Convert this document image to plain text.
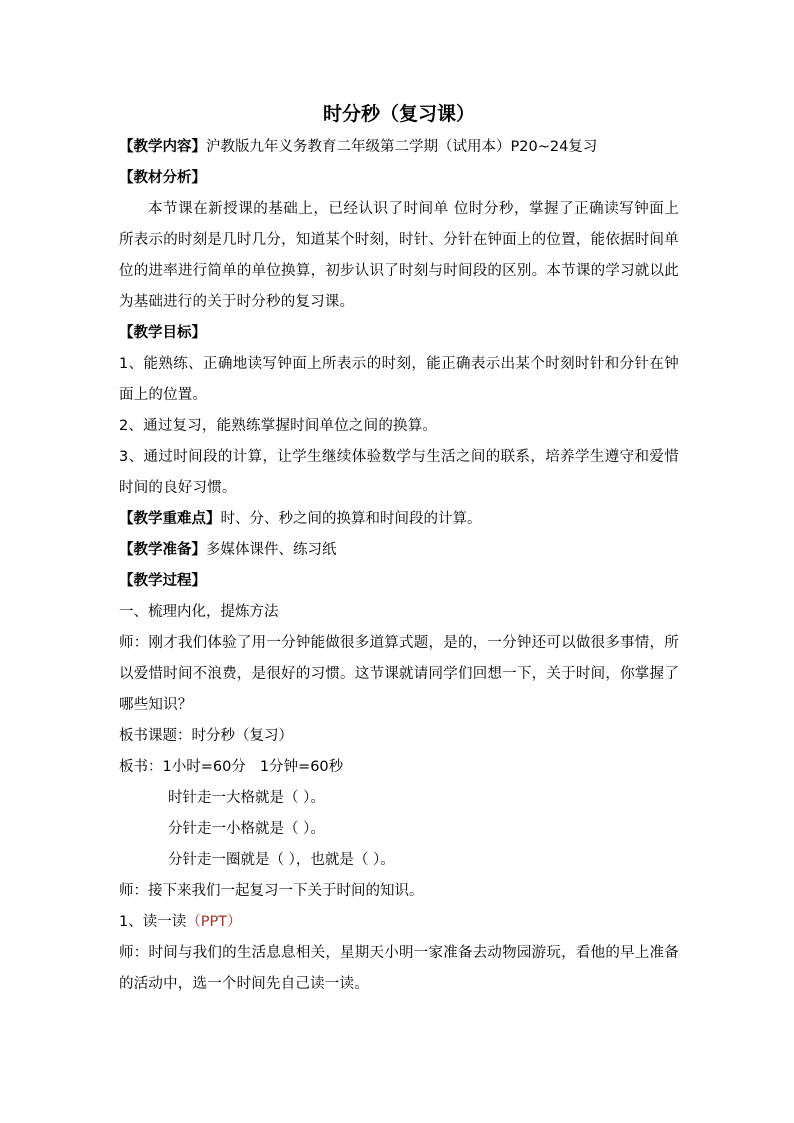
时分秒（复习课）
【教学内容】沪教版九年义务教育二年级第二学期（试用本）P20~24复习
【教材分析】
本节课在新授课的基础上，已经认识了时间单 位时分秒，掌握了正确读写钟面上所表示的时刻是几时几分，知道某个时刻，时针、分针在钟面上的位置，能依据时间单位的进率进行简单的单位换算，初步认识了时刻与时间段的区别。本节课的学习就以此为基础进行的关于时分秒的复习课。
【教学目标】
1、能熟练、正确地读写钟面上所表示的时刻，能正确表示出某个时刻时针和分针在钟面上的位置。
2、通过复习，能熟练掌握时间单位之间的换算。
3、通过时间段的计算，让学生继续体验数学与生活之间的联系，培养学生遵守和爱惜时间的良好习惯。
【教学重难点】时、分、秒之间的换算和时间段的计算。
【教学准备】多媒体课件、练习纸
【教学过程】
一、梳理内化，提炼方法
师：刚才我们体验了用一分钟能做很多道算式题，是的，一分钟还可以做很多事情，所以爱惜时间不浪费，是很好的习惯。这节课就请同学们回想一下，关于时间，你掌握了哪些知识？
板书课题：时分秒（复习）
板书：1小时=60分 1分钟=60秒
时针走一大格就是（ ）。
分针走一小格就是（ ）。
分针走一圈就是（ ），也就是（ ）。
师：接下来我们一起复习一下关于时间的知识。
1、读一读（PPT）
师：时间与我们的生活息息相关，星期天小明一家准备去动物园游玩，看他的早上准备的活动中，选一个时间先自己读一读。
